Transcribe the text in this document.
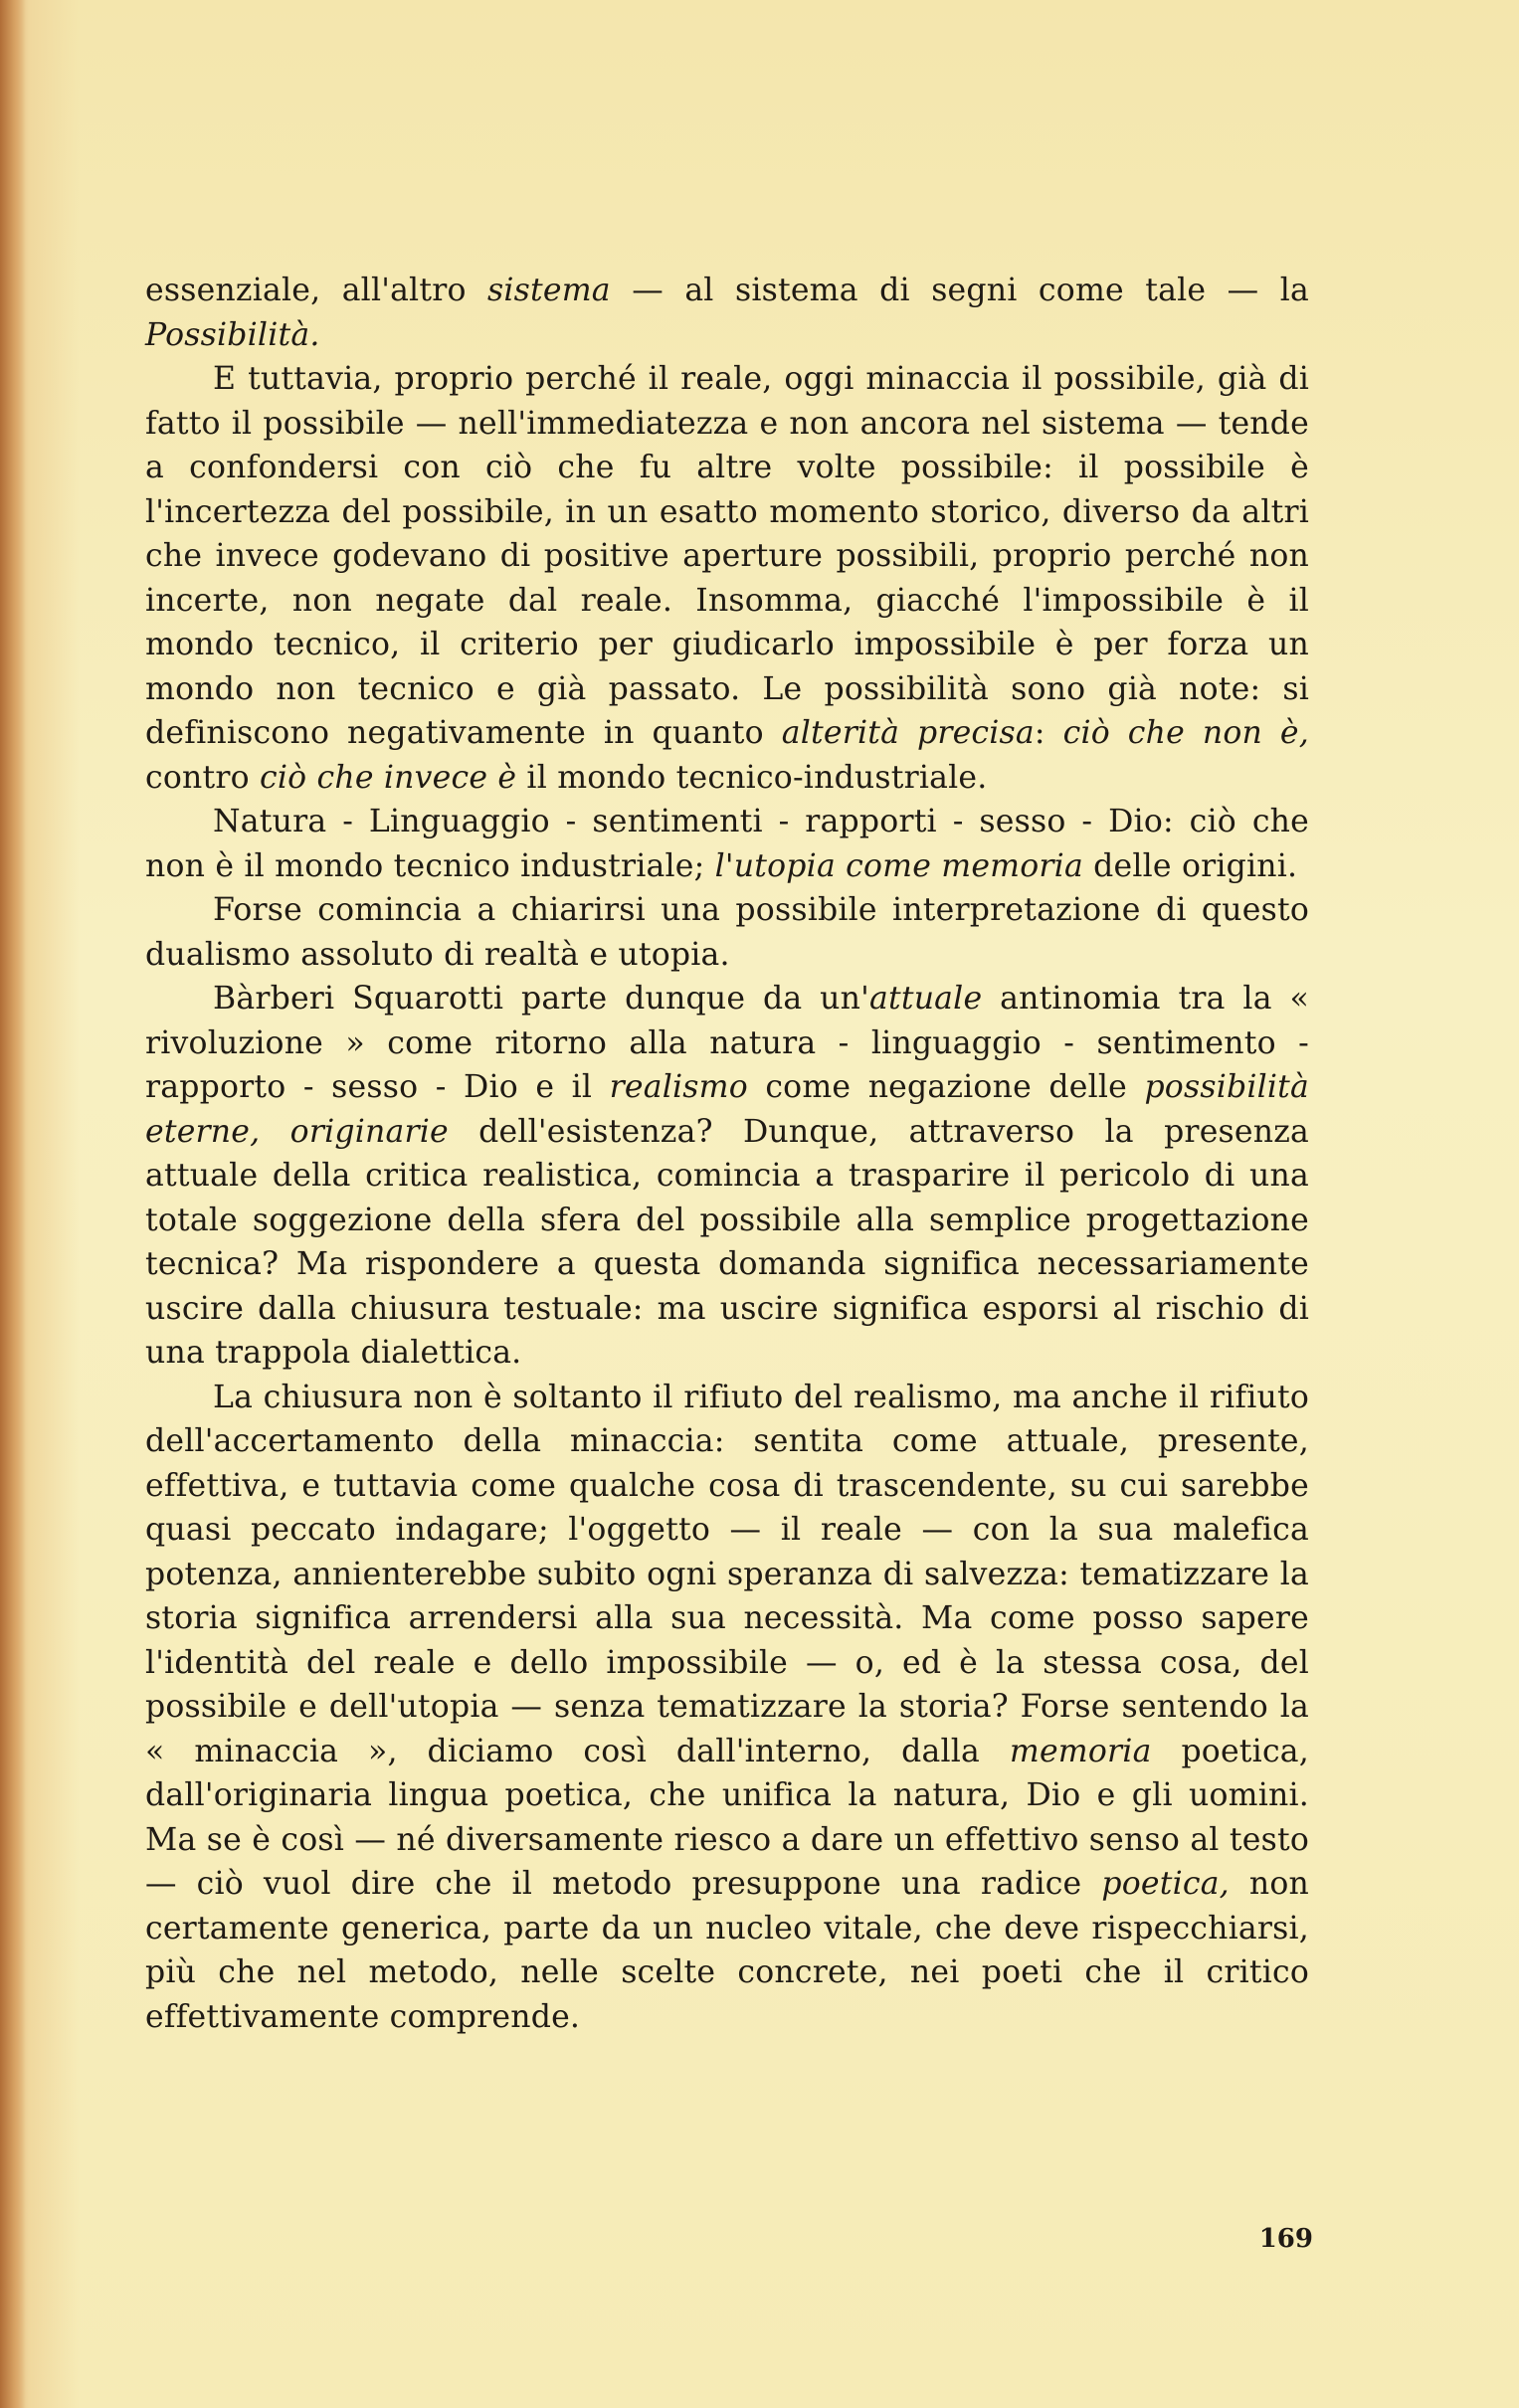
essenziale, all'altro sistema — al sistema di segni come tale — la Possibilità.

E tuttavia, proprio perché il reale, oggi minaccia il possibile, già di fatto il possibile — nell'immediatezza e non ancora nel sistema — tende a confondersi con ciò che fu altre volte possibile: il possibile è l'incertezza del possibile, in un esatto momento storico, diverso da altri che invece godevano di positive aperture possibili, proprio perché non incerte, non negate dal reale. Insomma, giacché l'impossibile è il mondo tecnico, il criterio per giudicarlo impossibile è per forza un mondo non tecnico e già passato. Le possibilità sono già note: si definiscono negativamente in quanto alterità precisa: ciò che non è, contro ciò che invece è il mondo tecnico-industriale.

Natura - Linguaggio - sentimenti - rapporti - sesso - Dio: ciò che non è il mondo tecnico industriale; l'utopia come memoria delle origini.

Forse comincia a chiarirsi una possibile interpretazione di questo dualismo assoluto di realtà e utopia.

Bàrberi Squarotti parte dunque da un'attuale antinomia tra la « rivoluzione » come ritorno alla natura - linguaggio - sentimento - rapporto - sesso - Dio e il realismo come negazione delle possibilità eterne, originarie dell'esistenza? Dunque, attraverso la presenza attuale della critica realistica, comincia a trasparire il pericolo di una totale soggezione della sfera del possibile alla semplice progettazione tecnica? Ma rispondere a questa domanda significa necessariamente uscire dalla chiusura testuale: ma uscire significa esporsi al rischio di una trappola dialettica.

La chiusura non è soltanto il rifiuto del realismo, ma anche il rifiuto dell'accertamento della minaccia: sentita come attuale, presente, effettiva, e tuttavia come qualche cosa di trascendente, su cui sarebbe quasi peccato indagare; l'oggetto — il reale — con la sua malefica potenza, annienterebbe subito ogni speranza di salvezza: tematizzare la storia significa arrendersi alla sua necessità. Ma come posso sapere l'identità del reale e dello impossibile — o, ed è la stessa cosa, del possibile e dell'utopia — senza tematizzare la storia? Forse sentendo la « minaccia », diciamo così dall'interno, dalla memoria poetica, dall'originaria lingua poetica, che unifica la natura, Dio e gli uomini. Ma se è così — né diversamente riesco a dare un effettivo senso al testo — ciò vuol dire che il metodo presuppone una radice poetica, non certamente generica, parte da un nucleo vitale, che deve rispecchiarsi, più che nel metodo, nelle scelte concrete, nei poeti che il critico effettivamente comprende.

169
